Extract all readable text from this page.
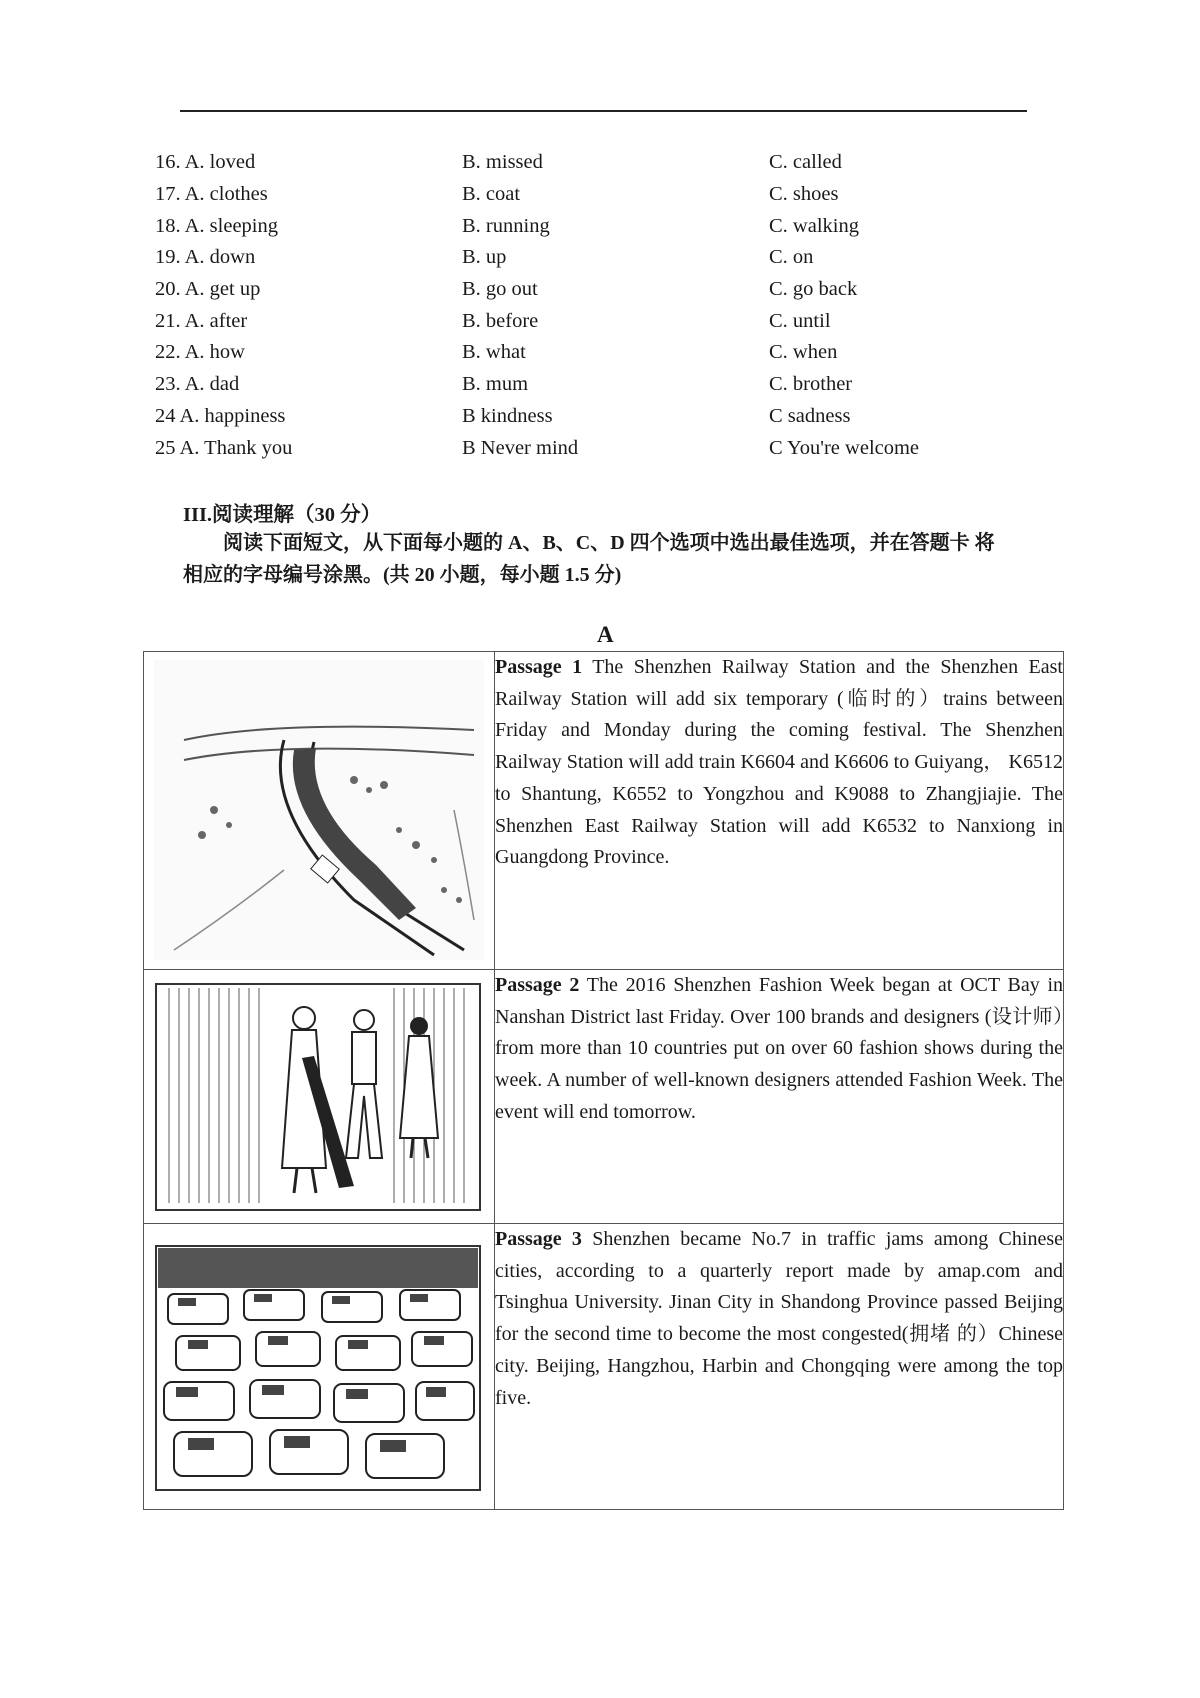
16. A. loved	B. missed	C. called
17. A. clothes	B. coat	C. shoes
18. A. sleeping	B. running	C. walking
19. A. down	B. up	C. on
20. A. get up	B. go out	C. go back
21. A. after	B. before	C. until
22. A. how	B. what	C. when
23. A. dad	B. mum	C. brother
24 A. happiness	B kindness	C sadness
25 A. Thank you	B Never mind	C You're welcome
III.阅读理解（30 分）
阅读下面短文，从下面每小题的 A、B、C、D 四个选项中选出最佳选项，并在答题卡 将
相应的字母编号涂黑。(共 20 小题，每小题 1.5 分)
A
	Passage 1 The Shenzhen Railway Station and the Shenzhen East Railway Station will add six temporary (临时的）trains between Friday and Monday during the coming festival. The Shenzhen Railway Station will add train K6604 and K6606 to Guiyang， K6512 to Shantung, K6552 to Yongzhou and K9088 to Zhangjiajie. The Shenzhen East Railway Station will add K6532 to Nanxiong in Guangdong Province.

	Passage 2 The 2016 Shenzhen Fashion Week began at OCT Bay in Nanshan District last Friday. Over 100 brands and designers (设计师）from more than 10 countries put on over 60 fashion shows during the week. A number of well-known designers attended Fashion Week. The event will end tomorrow.

	Passage 3 Shenzhen became No.7 in traffic jams among Chinese cities, according to a quarterly report made by amap.com and Tsinghua University. Jinan City in Shandong Province passed Beijing for the second time to become the most congested(拥堵 的）Chinese city. Beijing, Hangzhou, Harbin and Chongqing were among the top five.
